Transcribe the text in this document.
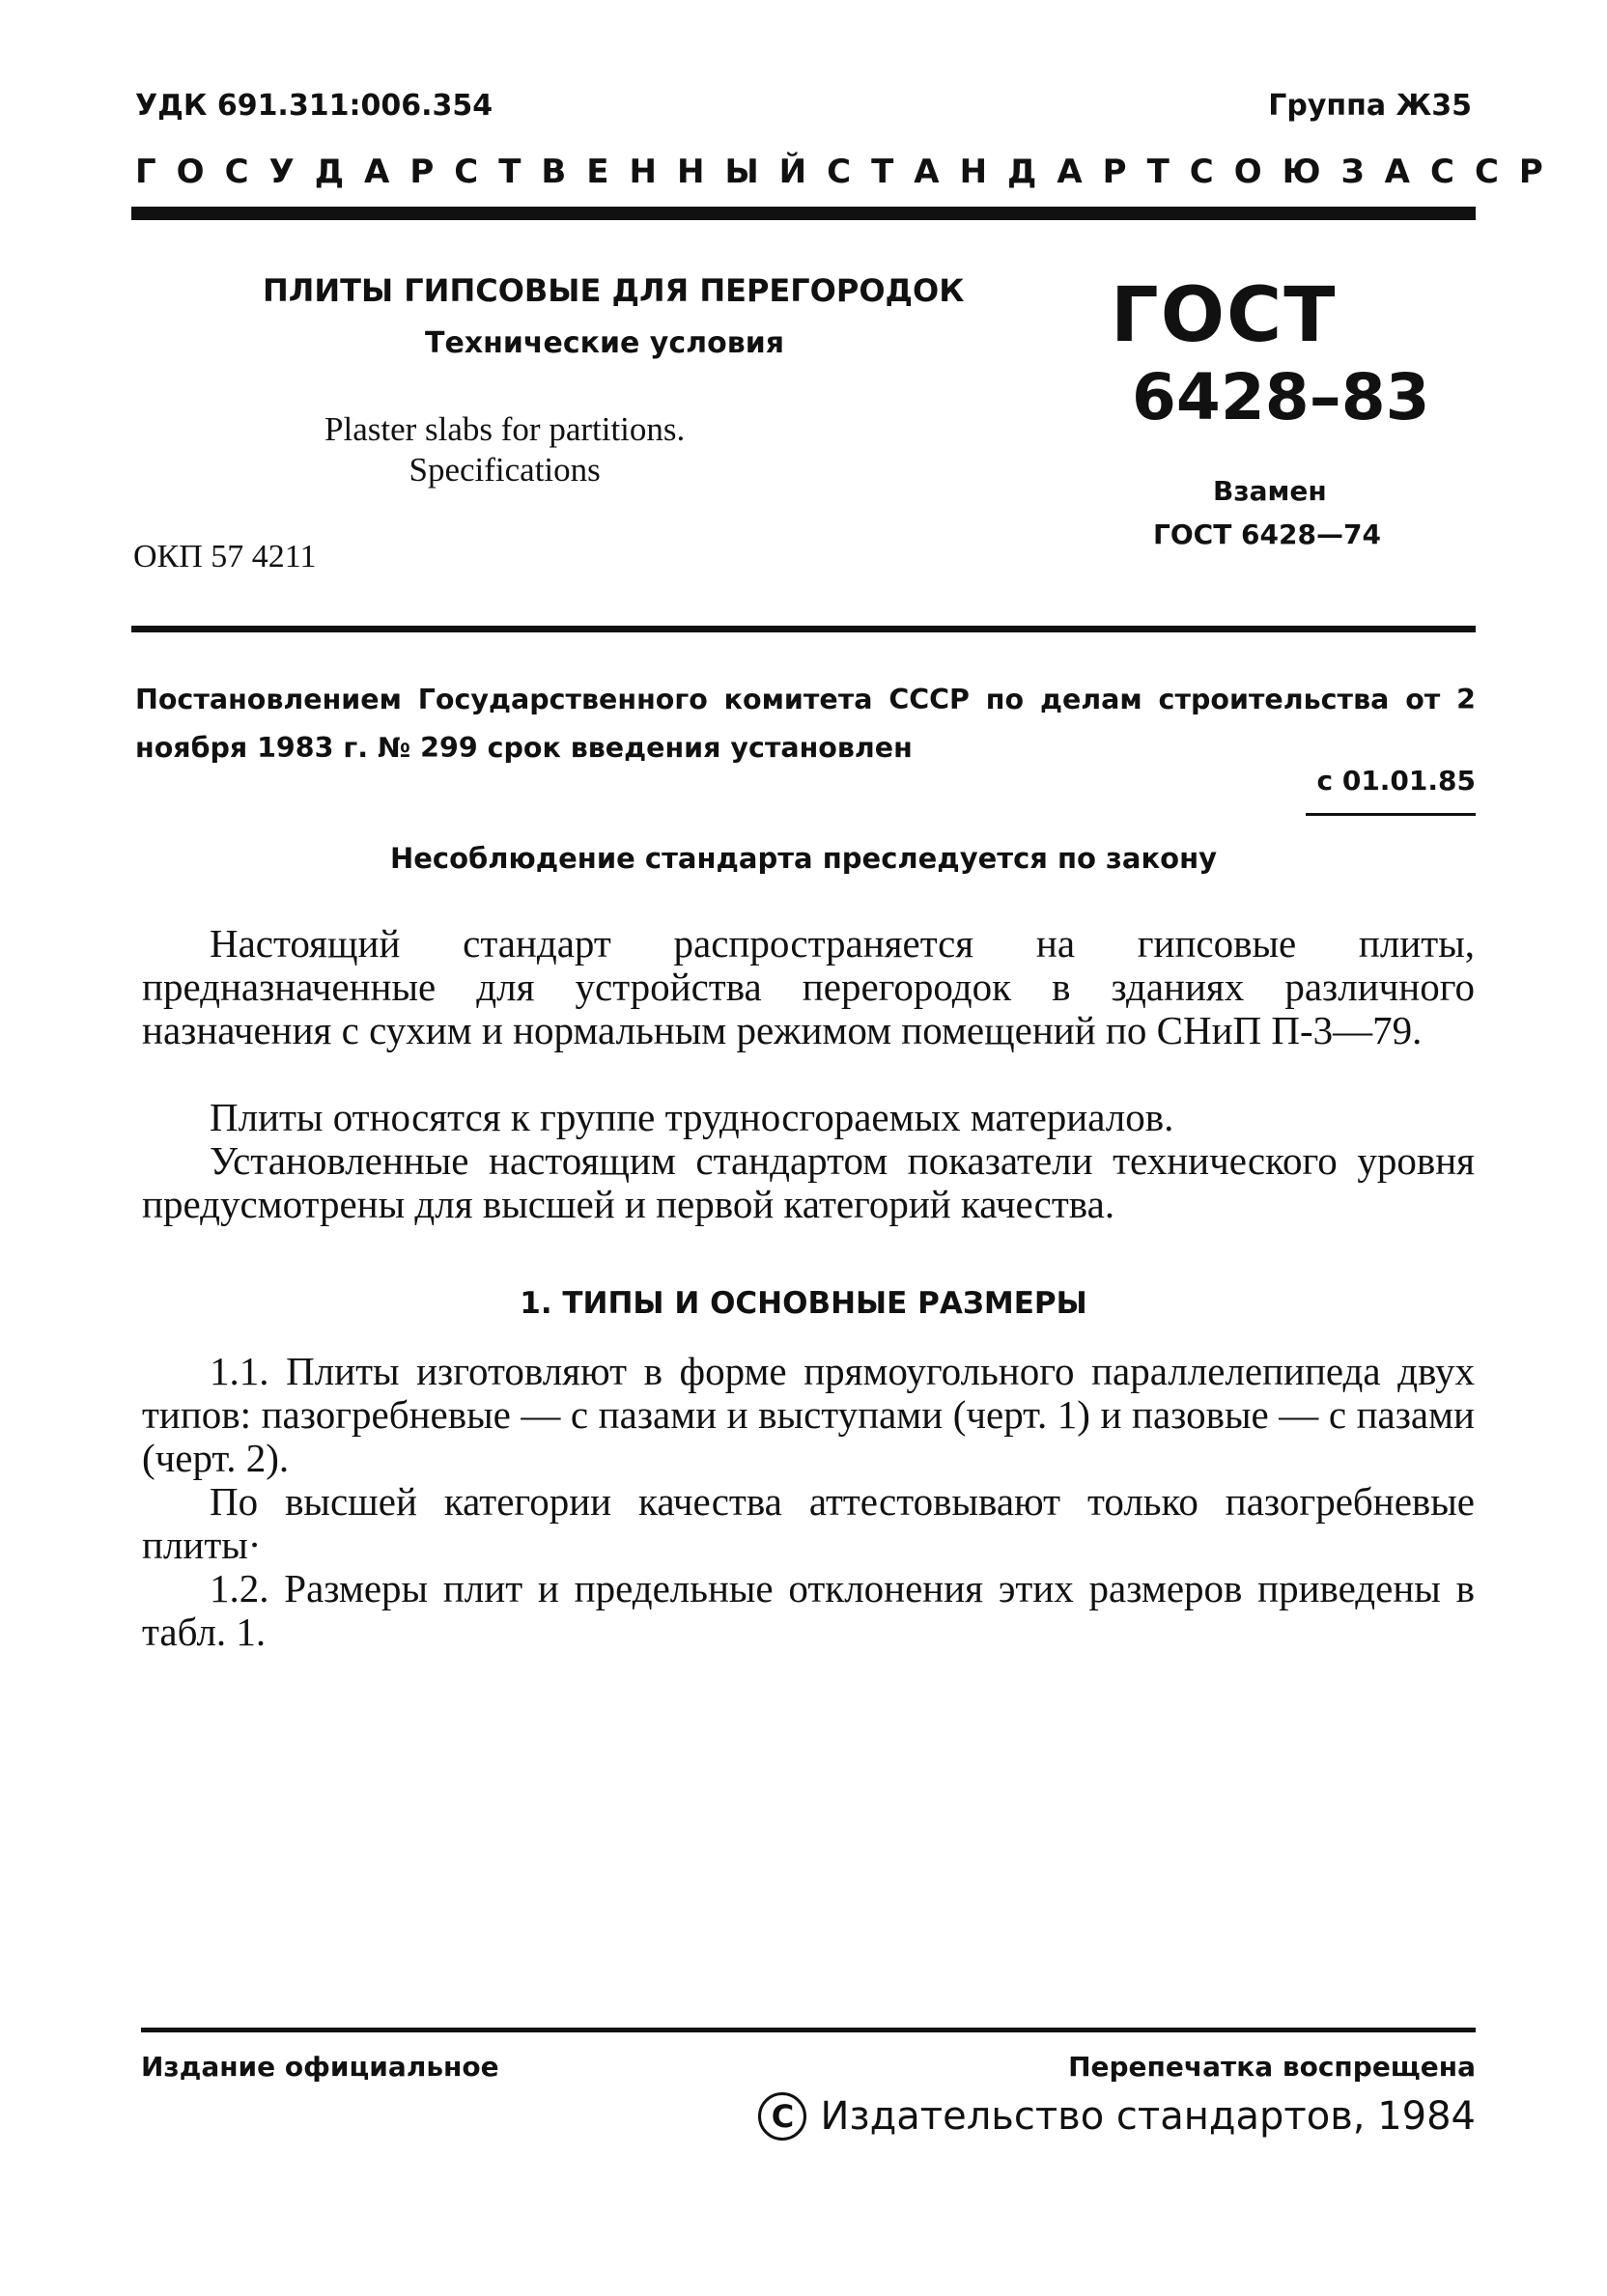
УДК 691.311:006.354	Группа Ж35
ГОСУДАРСТВЕННЫЙ СТАНДАРТ СОЮЗА ССР
ПЛИТЫ ГИПСОВЫЕ ДЛЯ ПЕРЕГОРОДОК
Технические условия
Plaster slabs for partitions.
Specifications
ОКП 57 4211
ГОСТ
6428–83
Взамен
ГОСТ 6428—74
Постановлением Государственного комитета СССР по делам строительства от 2 ноября 1983 г. № 299 срок введения установлен
с 01.01.85
Несоблюдение стандарта преследуется по закону
Настоящий стандарт распространяется на гипсовые плиты, предназначенные для устройства перегородок в зданиях различного назначения с сухим и нормальным режимом помещений по СНиП П-3—79.
Плиты относятся к группе трудносгораемых материалов.
Установленные настоящим стандартом показатели технического уровня предусмотрены для высшей и первой категорий качества.
1. ТИПЫ И ОСНОВНЫЕ РАЗМЕРЫ
1.1. Плиты изготовляют в форме прямоугольного параллелепипеда двух типов: пазогребневые — с пазами и выступами (черт. 1) и пазовые — с пазами (черт. 2).
По высшей категории качества аттестовывают только пазогребневые плиты·
1.2. Размеры плит и предельные отклонения этих размеров приведены в табл. 1.
Издание официальное	Перепечатка воспрещена
С Издательство стандартов, 1984
